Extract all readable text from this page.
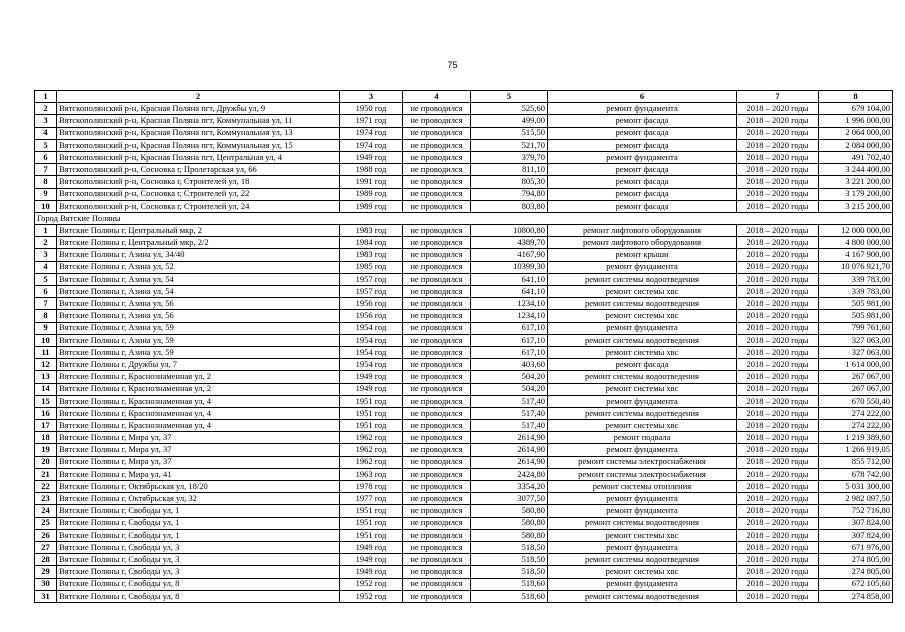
75
1	2	3	4	5	6	7	8
2	Вятскополянский р-н, Красная Поляна пгт, Дружбы ул, 9	1950 год	не проводился	525,60	ремонт фундамента	2018 – 2020 годы	679 104,00
3	Вятскополянский р-н, Красная Поляна пгт, Коммунальная ул, 11	1971 год	не проводился	499,00	ремонт фасада	2018 – 2020 годы	1 996 000,00
4	Вятскополянский р-н, Красная Поляна пгт, Коммунальная ул, 13	1974 год	не проводился	515,50	ремонт фасада	2018 – 2020 годы	2 064 000,00
5	Вятскополянский р-н, Красная Поляна пгт, Коммунальная ул, 15	1974 год	не проводился	521,70	ремонт фасада	2018 – 2020 годы	2 084 000,00
6	Вятскополянский р-н, Красная Поляна пгт, Центральная ул, 4	1949 год	не проводился	379,70	ремонт фундамента	2018 – 2020 годы	491 702,40
7	Вятскополянский р-н, Сосновка г, Пролетарская ул, 66	1988 год	не проводился	811,10	ремонт фасада	2018 – 2020 годы	3 244 400,00
8	Вятскополянский р-н, Сосновка г, Строителей ул, 18	1991 год	не проводился	805,30	ремонт фасада	2018 – 2020 годы	3 221 200,00
9	Вятскополянский р-н, Сосновка г, Строителей ул, 22	1989 год	не проводился	794,80	ремонт фасада	2018 – 2020 годы	3 179 200,00
10	Вятскополянский р-н, Сосновка г, Строителей ул, 24	1989 год	не проводился	803,80	ремонт фасада	2018 – 2020 годы	3 215 200,00
Город Вятские Поляны							
1	Вятские Поляны г, Центральный мкр, 2	1983 год	не проводился	10800,80	ремонт лифтового оборудования	2018 – 2020 годы	12 000 000,00
2	Вятские Поляны г, Центральный мкр, 2/2	1984 год	не проводился	4389,70	ремонт лифтового оборудования	2018 – 2020 годы	4 800 000,00
3	Вятские Поляны г, Азина ул, 34/40	1983 год	не проводился	4167,90	ремонт крыши	2018 – 2020 годы	4 167 900,00
4	Вятские Поляны г, Азина ул, 52	1985 год	не проводился	10399,30	ремонт фундамента	2018 – 2020 годы	10 076 921,70
5	Вятские Поляны г, Азина ул, 54	1957 год	не проводился	641,10	ремонт системы водоотведения	2018 – 2020 годы	339 783,00
6	Вятские Поляны г, Азина ул, 54	1957 год	не проводился	641,10	ремонт системы хвс	2018 – 2020 годы	339 783,00
7	Вятские Поляны г, Азина ул, 56	1956 год	не проводился	1234,10	ремонт системы водоотведения	2018 – 2020 годы	505 981,00
8	Вятские Поляны г, Азина ул, 56	1956 год	не проводился	1234,10	ремонт системы хвс	2018 – 2020 годы	505 981,00
9	Вятские Поляны г, Азина ул, 59	1954 год	не проводился	617,10	ремонт фундамента	2018 – 2020 годы	799 761,60
10	Вятские Поляны г, Азина ул, 59	1954 год	не проводился	617,10	ремонт системы водоотведения	2018 – 2020 годы	327 063,00
11	Вятские Поляны г, Азина ул, 59	1954 год	не проводился	617,10	ремонт системы хвс	2018 – 2020 годы	327 063,00
12	Вятские Поляны г, Дружбы ул, 7	1954 год	не проводился	403,60	ремонт фасада	2018 – 2020 годы	1 614 000,00
13	Вятские Поляны г, Краснознаменная ул, 2	1949 год	не проводился	504,20	ремонт системы водоотведения	2018 – 2020 годы	267 067,00
14	Вятские Поляны г, Краснознаменная ул, 2	1949 год	не проводился	504,20	ремонт системы хвс	2018 – 2020 годы	267 067,00
15	Вятские Поляны г, Краснознаменная ул, 4	1951 год	не проводился	517,40	ремонт фундамента	2018 – 2020 годы	670 550,40
16	Вятские Поляны г, Краснознаменная ул, 4	1951 год	не проводился	517,40	ремонт системы водоотведения	2018 – 2020 годы	274 222,00
17	Вятские Поляны г, Краснознаменная ул, 4	1951 год	не проводился	517,40	ремонт системы хвс	2018 – 2020 годы	274 222,00
18	Вятские Поляны г, Мира ул, 37	1962 год	не проводился	2614,90	ремонт подвала	2018 – 2020 годы	1 219 389,60
19	Вятские Поляны г, Мира ул, 37	1962 год	не проводился	2614,90	ремонт фундамента	2018 – 2020 годы	1 266 919,05
20	Вятские Поляны г, Мира ул, 37	1962 год	не проводился	2614,90	ремонт системы электроснабжения	2018 – 2020 годы	855 712,00
21	Вятские Поляны г, Мира ул, 41	1963 год	не проводился	2424,80	ремонт системы электроснабжения	2018 – 2020 годы	678 742,00
22	Вятские Поляны г, Октябрьская ул, 18/20	1978 год	не проводился	3354,20	ремонт системы отопления	2018 – 2020 годы	5 031 300,00
23	Вятские Поляны г, Октябрьская ул, 32	1977 год	не проводился	3077,50	ремонт фундамента	2018 – 2020 годы	2 982 097,50
24	Вятские Поляны г, Свободы ул, 1	1951 год	не проводился	580,80	ремонт фундамента	2018 – 2020 годы	752 716,80
25	Вятские Поляны г, Свободы ул, 1	1951 год	не проводился	580,80	ремонт системы водоотведения	2018 – 2020 годы	307 824,00
26	Вятские Поляны г, Свободы ул, 1	1951 год	не проводился	580,80	ремонт системы хвс	2018 – 2020 годы	307 824,00
27	Вятские Поляны г, Свободы ул, 3	1949 год	не проводился	518,50	ремонт фундамента	2018 – 2020 годы	671 976,00
28	Вятские Поляны г, Свободы ул, 3	1949 год	не проводился	518,50	ремонт системы водоотведения	2018 – 2020 годы	274 805,00
29	Вятские Поляны г, Свободы ул, 3	1949 год	не проводился	518,50	ремонт системы хвс	2018 – 2020 годы	274 805,00
30	Вятские Поляны г, Свободы ул, 8	1952 год	не проводился	518,60	ремонт фундамента	2018 – 2020 годы	672 105,60
31	Вятские Поляны г, Свободы ул, 8	1952 год	не проводился	518,60	ремонт системы водоотведения	2018 – 2020 годы	274 858,00
